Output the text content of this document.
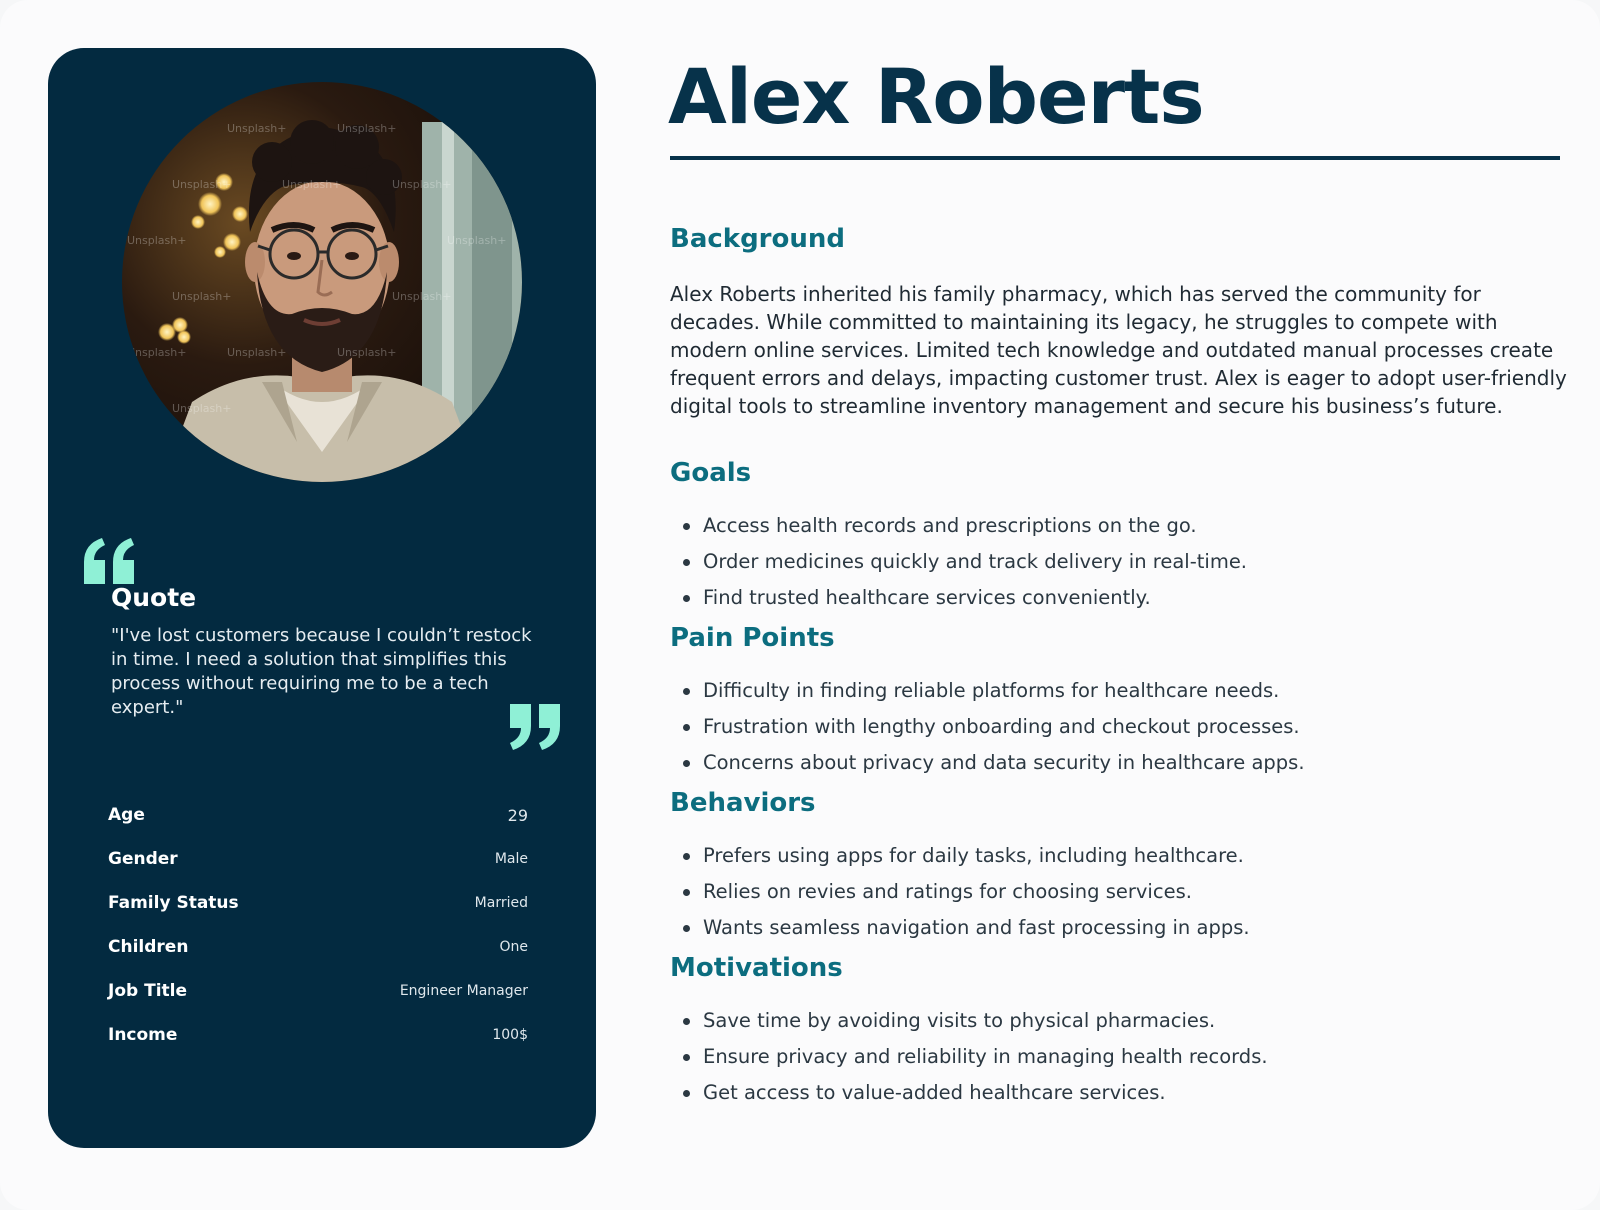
Unsplash+	Unsplash+
Unsplash+	Unsplash+	Unsplash+
Unsplash+	Unsplash+
Unsplash+	Unsplash+
Unsplash+	Unsplash+	Unsplash+
Unsplash+
Quote
"I've lost customers because I couldn’t restock in time. I need a solution that simplifies this process without requiring me to be a tech expert."
Age	29
Gender	Male
Family Status	Married
Children	One
Job Title	Engineer Manager
Income	100$
Alex Roberts
Background

Alex Roberts inherited his family pharmacy, which has served the community for decades. While committed to maintaining its legacy, he struggles to compete with modern online services. Limited tech knowledge and outdated manual processes create frequent errors and delays, impacting customer trust. Alex is eager to adopt user-friendly digital tools to streamline inventory management and secure his business’s future.

Goals
Access health records and prescriptions on the go.
Order medicines quickly and track delivery in real-time.
Find trusted healthcare services conveniently.
Pain Points
Difficulty in finding reliable platforms for healthcare needs.
Frustration with lengthy onboarding and checkout processes.
Concerns about privacy and data security in healthcare apps.
Behaviors
Prefers using apps for daily tasks, including healthcare.
Relies on revies and ratings for choosing services.
Wants seamless navigation and fast processing in apps.
Motivations
Save time by avoiding visits to physical pharmacies.
Ensure privacy and reliability in managing health records.
Get access to value-added healthcare services.
